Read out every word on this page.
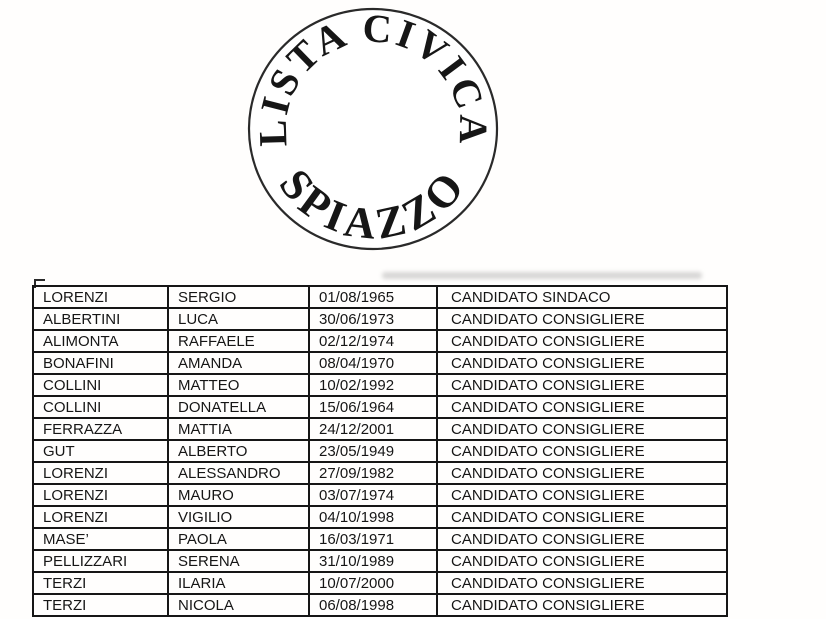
LISTA CIVICA
SPIAZZO
LORENZI	SERGIO	01/08/1965	CANDIDATO SINDACO
ALBERTINI	LUCA	30/06/1973	CANDIDATO CONSIGLIERE
ALIMONTA	RAFFAELE	02/12/1974	CANDIDATO CONSIGLIERE
BONAFINI	AMANDA	08/04/1970	CANDIDATO CONSIGLIERE
COLLINI	MATTEO	10/02/1992	CANDIDATO CONSIGLIERE
COLLINI	DONATELLA	15/06/1964	CANDIDATO CONSIGLIERE
FERRAZZA	MATTIA	24/12/2001	CANDIDATO CONSIGLIERE
GUT	ALBERTO	23/05/1949	CANDIDATO CONSIGLIERE
LORENZI	ALESSANDRO	27/09/1982	CANDIDATO CONSIGLIERE
LORENZI	MAURO	03/07/1974	CANDIDATO CONSIGLIERE
LORENZI	VIGILIO	04/10/1998	CANDIDATO CONSIGLIERE
MASE’	PAOLA	16/03/1971	CANDIDATO CONSIGLIERE
PELLIZZARI	SERENA	31/10/1989	CANDIDATO CONSIGLIERE
TERZI	ILARIA	10/07/2000	CANDIDATO CONSIGLIERE
TERZI	NICOLA	06/08/1998	CANDIDATO CONSIGLIERE
